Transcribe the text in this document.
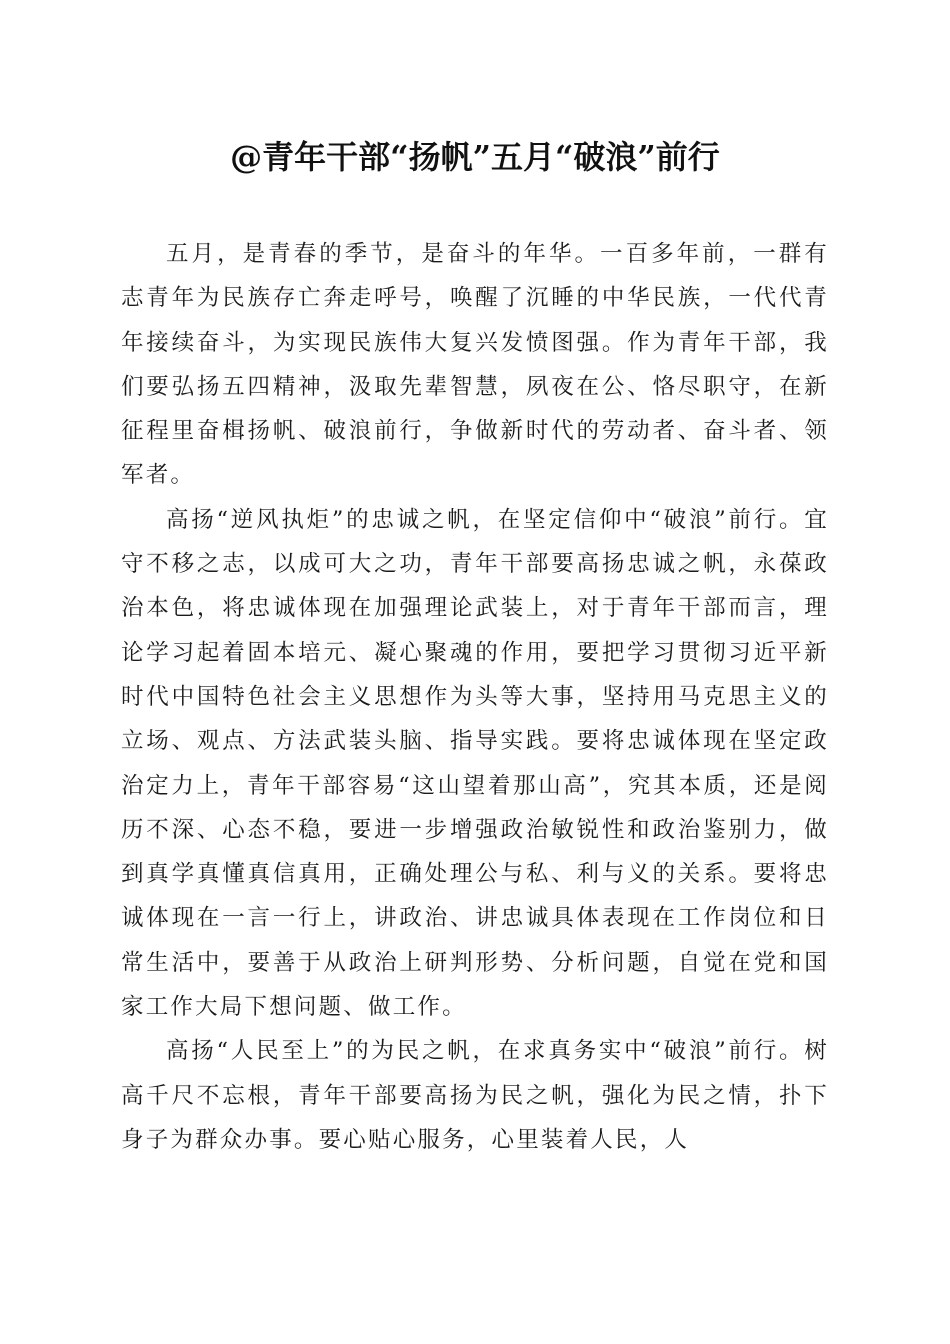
@青年干部“扬帆”五月“破浪”前行

五月，是青春的季节，是奋斗的年华。一百多年前，一群有志青年为民族存亡奔走呼号，唤醒了沉睡的中华民族，一代代青年接续奋斗，为实现民族伟大复兴发愤图强。作为青年干部，我们要弘扬五四精神，汲取先辈智慧，夙夜在公、恪尽职守，在新征程里奋楫扬帆、破浪前行，争做新时代的劳动者、奋斗者、领军者。

高扬“逆风执炬”的忠诚之帆，在坚定信仰中“破浪”前行。宜守不移之志，以成可大之功，青年干部要高扬忠诚之帆，永葆政治本色，将忠诚体现在加强理论武装上，对于青年干部而言，理论学习起着固本培元、凝心聚魂的作用，要把学习贯彻习近平新时代中国特色社会主义思想作为头等大事，坚持用马克思主义的立场、观点、方法武装头脑、指导实践。要将忠诚体现在坚定政治定力上，青年干部容易“这山望着那山高”，究其本质，还是阅历不深、心态不稳，要进一步增强政治敏锐性和政治鉴别力，做到真学真懂真信真用，正确处理公与私、利与义的关系。要将忠诚体现在一言一行上，讲政治、讲忠诚具体表现在工作岗位和日常生活中，要善于从政治上研判形势、分析问题，自觉在党和国家工作大局下想问题、做工作。

高扬“人民至上”的为民之帆，在求真务实中“破浪”前行。树高千尺不忘根，青年干部要高扬为民之帆，强化为民之情，扑下身子为群众办事。要心贴心服务，心里装着人民，人
